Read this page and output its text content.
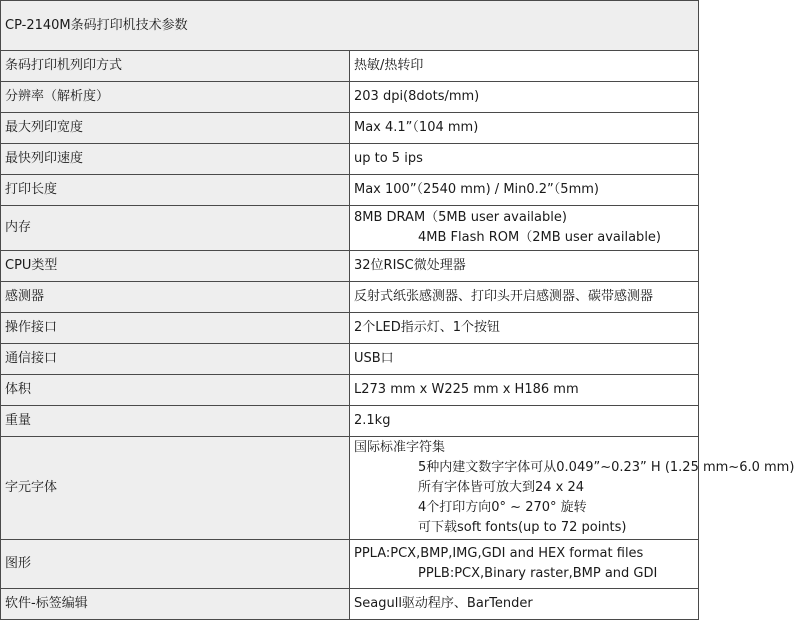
CP-2140M条码打印机技术参数	
条码打印机列印方式	热敏/热转印
分辨率（解析度）	203 dpi(8dots/mm)
最大列印宽度	Max 4.1”（104 mm)
最快列印速度	up to 5 ips
打印长度	Max 100”（2540 mm) / Min0.2”（5mm)
内存	8MB DRAM（5MB user available)
4MB Flash ROM（2MB user available)

CPU类型	32位RISC微处理器
感测器	反射式纸张感测器、打印头开启感测器、碳带感测器
操作接口	2个LED指示灯、1个按钮
通信接口	USB口
体积	L273 mm x W225 mm x H186 mm
重量	2.1kg
字元字体	国际标准字符集
5种内建文数字字体可从0.049”~0.23” H (1.25 mm~6.0 mm)
所有字体皆可放大到24 x 24
4个打印方向0° ~ 270° 旋转
可下载soft fonts(up to 72 points)

图形	PPLA:PCX,BMP,IMG,GDI and HEX format files
PPLB:PCX,Binary raster,BMP and GDI

软件-标签编辑	Seagull驱动程序、BarTender
